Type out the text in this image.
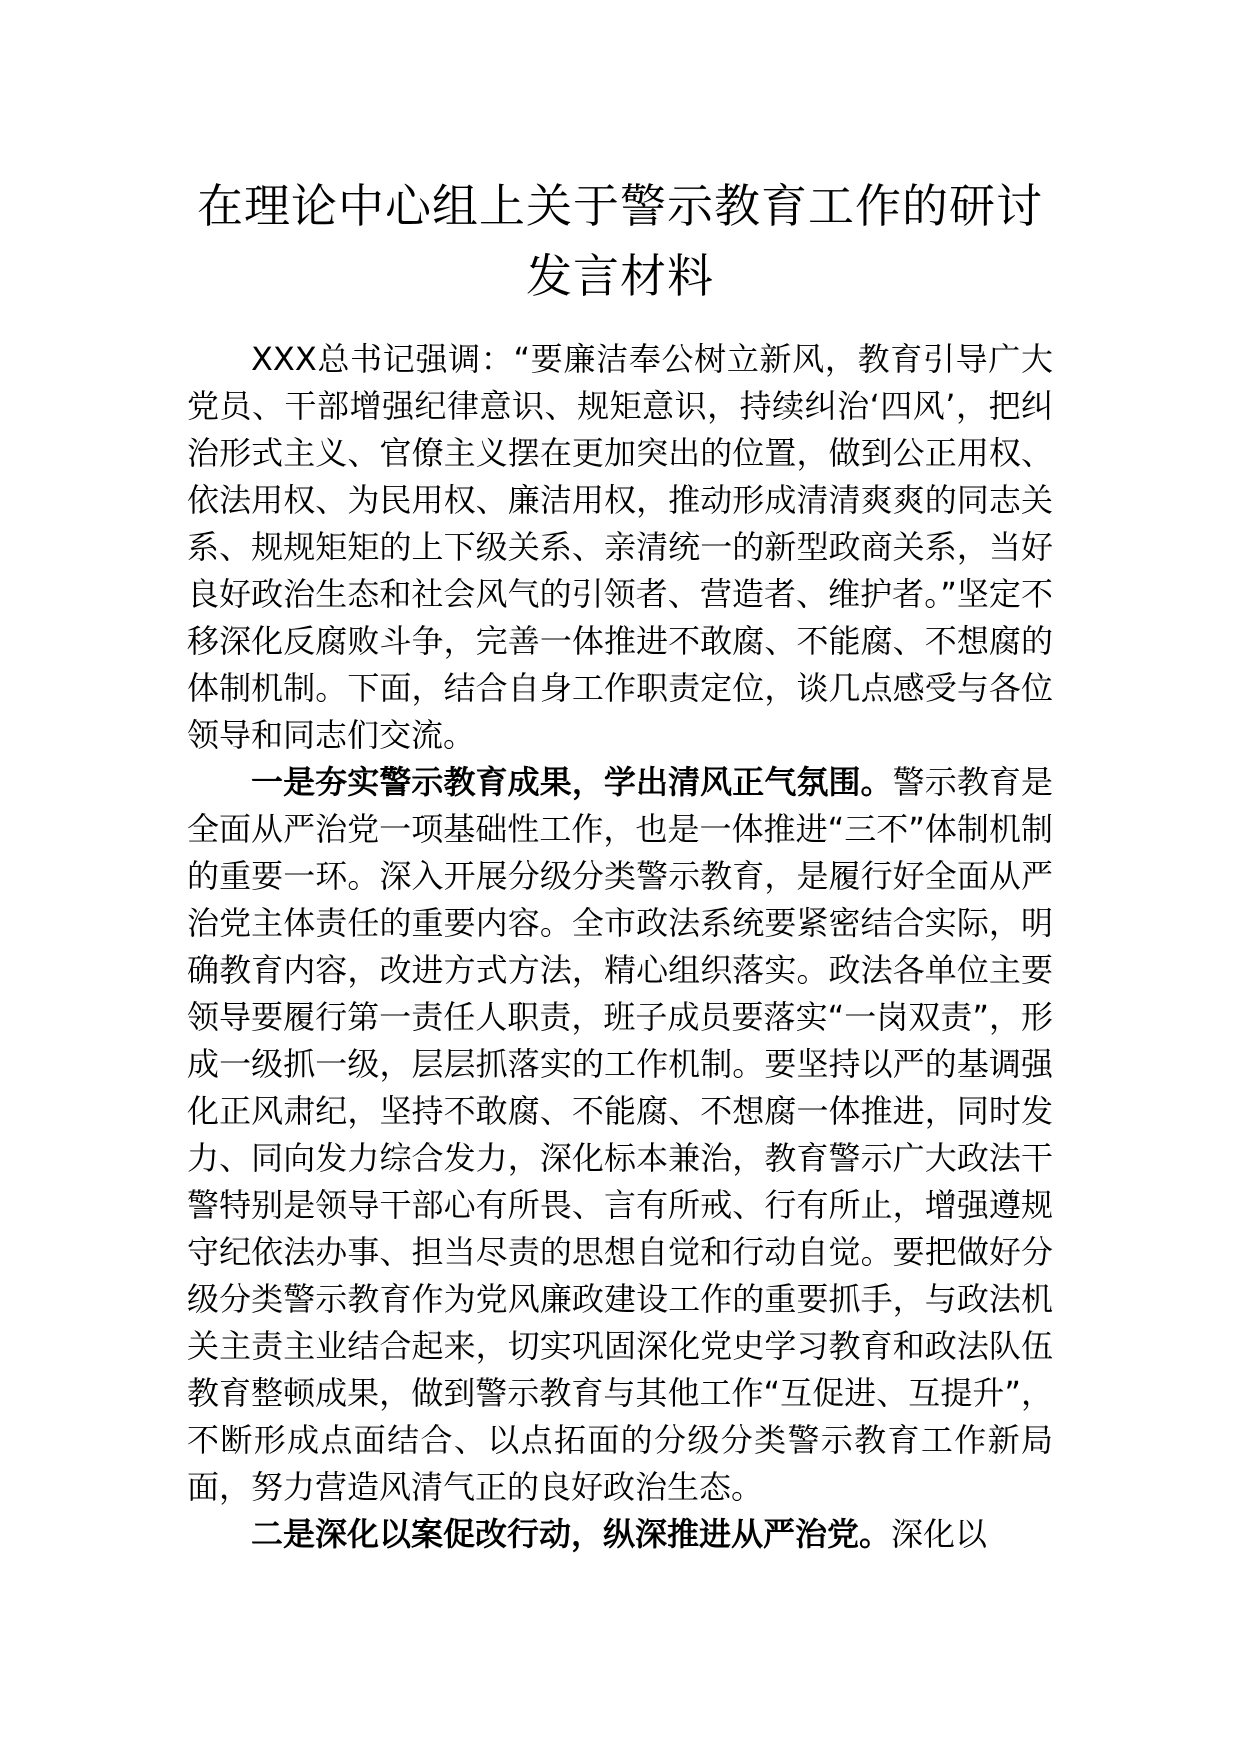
在理论中心组上关于警示教育工作的研讨
发言材料

XXX总书记强调：“要廉洁奉公树立新风，教育引导广大党员、干部增强纪律意识、规矩意识，持续纠治‘四风’，把纠治形式主义、官僚主义摆在更加突出的位置，做到公正用权、依法用权、为民用权、廉洁用权，推动形成清清爽爽的同志关系、规规矩矩的上下级关系、亲清统一的新型政商关系，当好良好政治生态和社会风气的引领者、营造者、维护者。”坚定不移深化反腐败斗争，完善一体推进不敢腐、不能腐、不想腐的体制机制。下面，结合自身工作职责定位，谈几点感受与各位领导和同志们交流。

一是夯实警示教育成果，学出清风正气氛围。警示教育是全面从严治党一项基础性工作，也是一体推进“三不”体制机制的重要一环。深入开展分级分类警示教育，是履行好全面从严治党主体责任的重要内容。全市政法系统要紧密结合实际，明确教育内容，改进方式方法，精心组织落实。政法各单位主要领导要履行第一责任人职责，班子成员要落实“一岗双责”，形成一级抓一级，层层抓落实的工作机制。要坚持以严的基调强化正风肃纪，坚持不敢腐、不能腐、不想腐一体推进，同时发力、同向发力综合发力，深化标本兼治，教育警示广大政法干警特别是领导干部心有所畏、言有所戒、行有所止，增强遵规守纪依法办事、担当尽责的思想自觉和行动自觉。要把做好分级分类警示教育作为党风廉政建设工作的重要抓手，与政法机关主责主业结合起来，切实巩固深化党史学习教育和政法队伍教育整顿成果，做到警示教育与其他工作“互促进、互提升”，不断形成点面结合、以点拓面的分级分类警示教育工作新局面，努力营造风清气正的良好政治生态。

二是深化以案促改行动，纵深推进从严治党。深化以
